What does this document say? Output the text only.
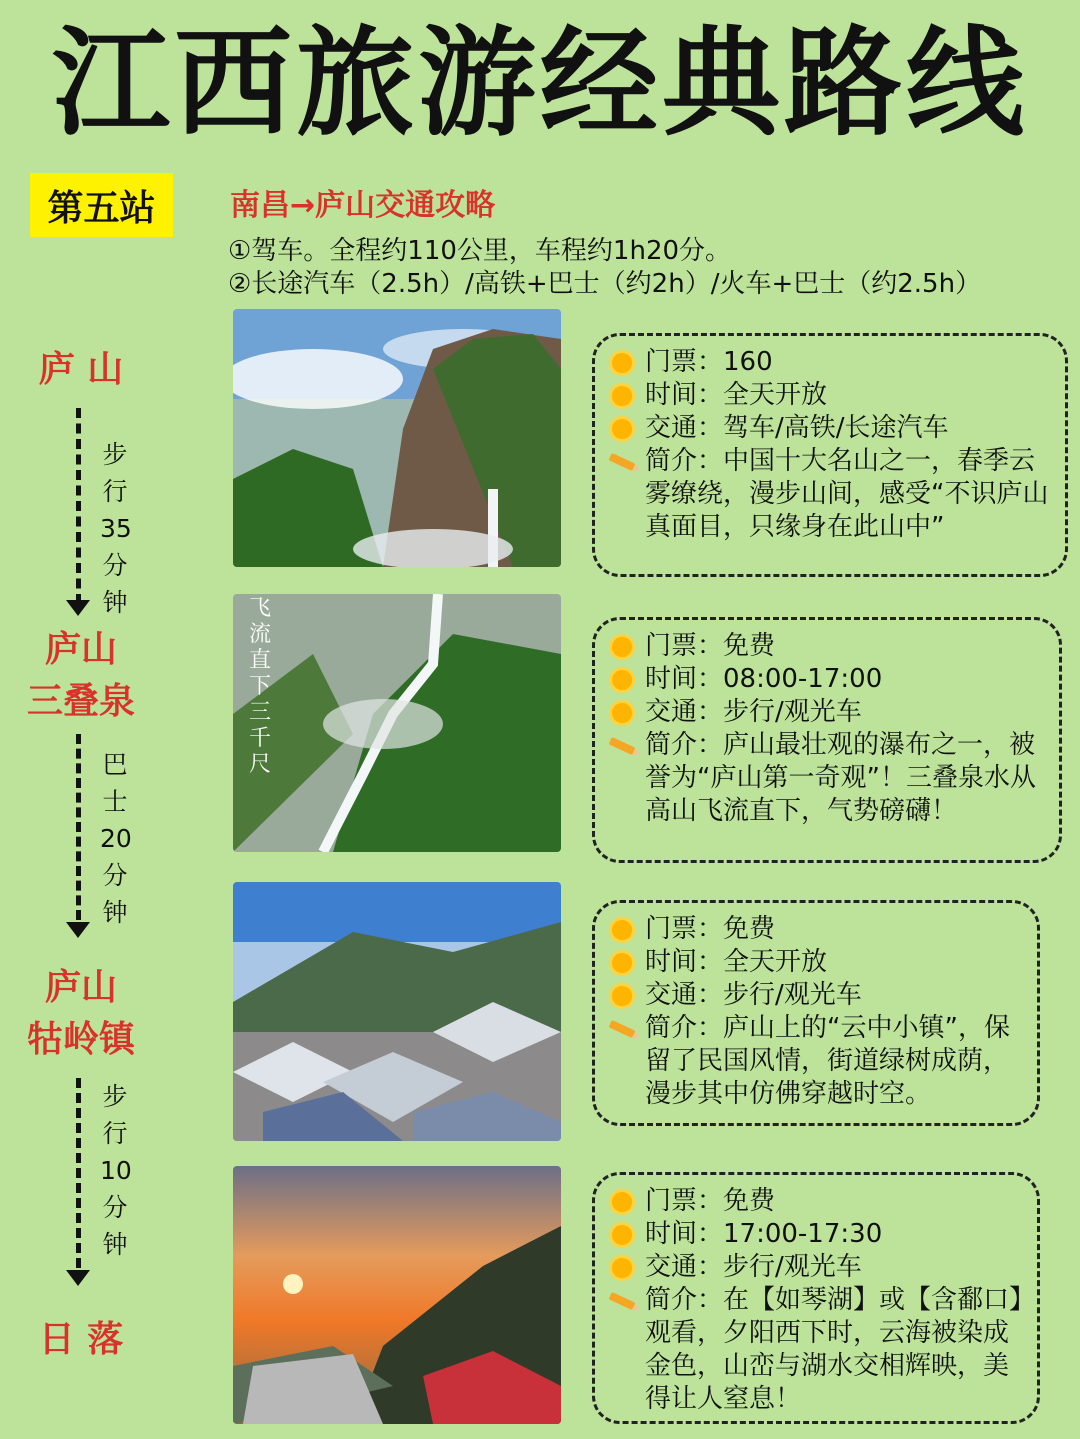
江西旅游经典路线
第五站	南昌→庐山交通攻略
①驾车。全程约110公里，车程约1h20分。
②长途汽车（2.5h）/高铁+巴士（约2h）/火车+巴士（约2.5h）
庐 山
步
行
35
分
钟
庐山
三叠泉
巴
士
20
分
钟
庐山
牯岭镇
步
行
10
分
钟
日 落
飞流直下三千尺
门票：160
时间：全天开放
交通：驾车/高铁/长途汽车
简介：中国十大名山之一，春季云雾缭绕，漫步山间，感受“不识庐山真面目，只缘身在此山中”
门票：免费
时间：08:00-17:00
交通：步行/观光车
简介：庐山最壮观的瀑布之一，被誉为“庐山第一奇观”！三叠泉水从高山飞流直下，气势磅礴！
门票：免费
时间：全天开放
交通：步行/观光车
简介：庐山上的“云中小镇”，保留了民国风情，街道绿树成荫，漫步其中仿佛穿越时空。
门票：免费
时间：17:00-17:30
交通：步行/观光车
简介：在【如琴湖】或【含鄱口】观看，夕阳西下时，云海被染成金色，山峦与湖水交相辉映，美得让人窒息！
